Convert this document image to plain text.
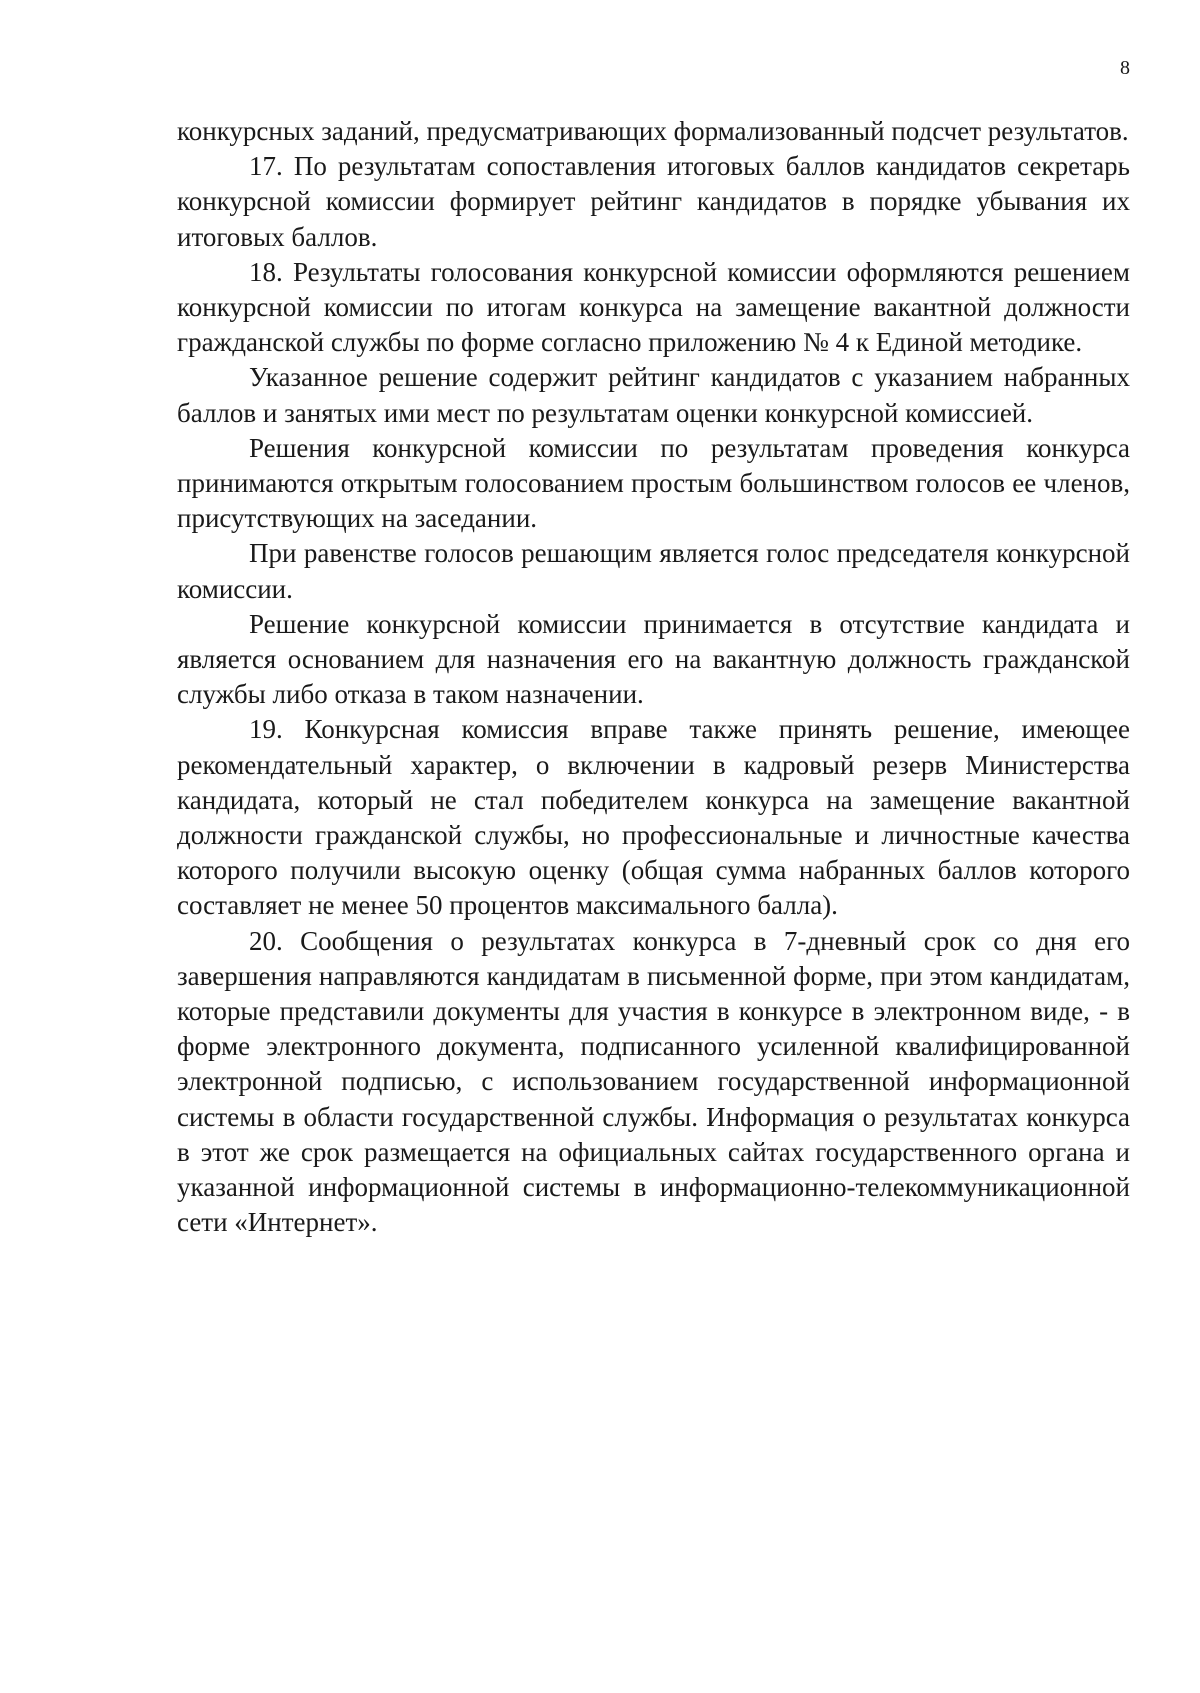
8

конкурсных заданий, предусматривающих формализованный подсчет результатов.

17. По результатам сопоставления итоговых баллов кандидатов секретарь конкурсной комиссии формирует рейтинг кандидатов в порядке убывания их итоговых баллов.

18. Результаты голосования конкурсной комиссии оформляются решением конкурсной комиссии по итогам конкурса на замещение вакантной должности гражданской службы по форме согласно приложению № 4 к Единой методике.

Указанное решение содержит рейтинг кандидатов с указанием набранных баллов и занятых ими мест по результатам оценки конкурсной комиссией.

Решения конкурсной комиссии по результатам проведения конкурса принимаются открытым голосованием простым большинством голосов ее членов, присутствующих на заседании.

При равенстве голосов решающим является голос председателя конкурсной комиссии.

Решение конкурсной комиссии принимается в отсутствие кандидата и является основанием для назначения его на вакантную должность гражданской службы либо отказа в таком назначении.

19. Конкурсная комиссия вправе также принять решение, имеющее рекомендательный характер, о включении в кадровый резерв Министерства кандидата, который не стал победителем конкурса на замещение вакантной должности гражданской службы, но профессиональные и личностные качества которого получили высокую оценку (общая сумма набранных баллов которого составляет не менее 50 процентов максимального балла).

20. Сообщения о результатах конкурса в 7-дневный срок со дня его завершения направляются кандидатам в письменной форме, при этом кандидатам, которые представили документы для участия в конкурсе в электронном виде, - в форме электронного документа, подписанного усиленной квалифицированной электронной подписью, с использованием государственной информационной системы в области государственной службы. Информация о результатах конкурса в этот же срок размещается на официальных сайтах государственного органа и указанной информационной системы в информационно-телекоммуникационной сети «Интернет».
